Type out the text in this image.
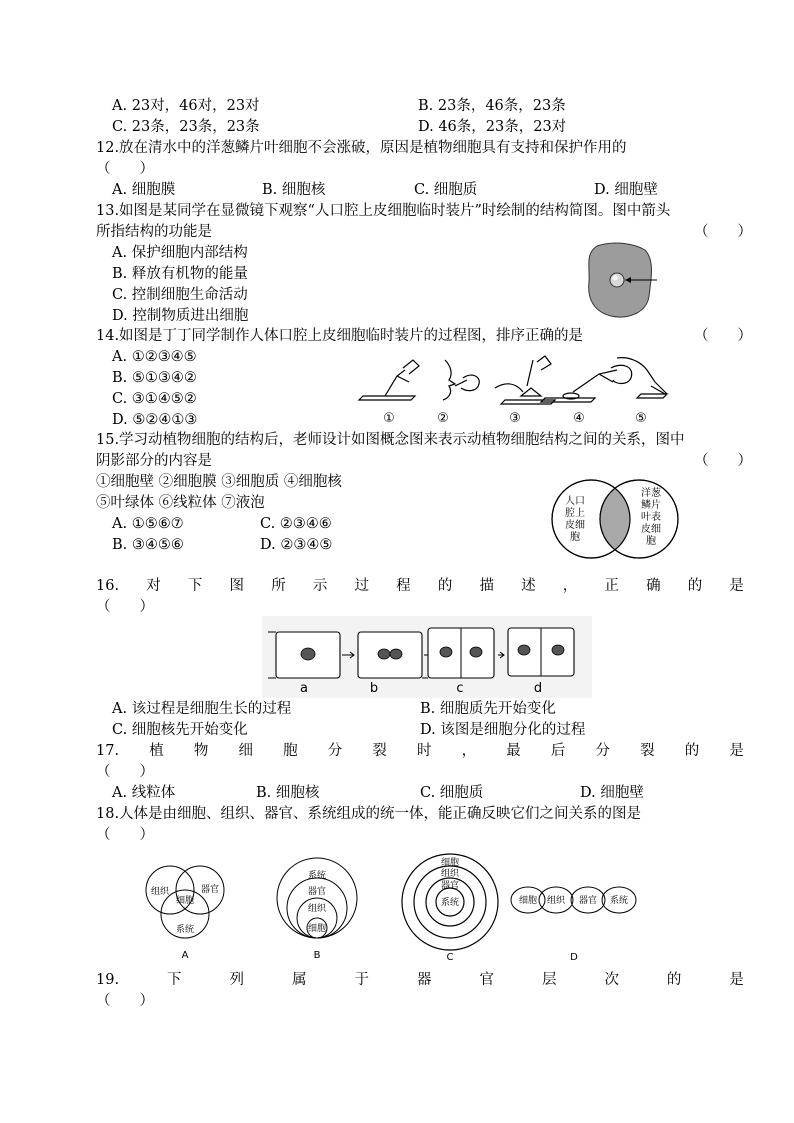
A. 23对，46对，23对	B. 23条，46条，23条
C. 23条，23条，23条	D. 46条，23条，23对
12.放在清水中的洋葱鳞片叶细胞不会涨破，原因是植物细胞具有支持和保护作用的
（　　）
A. 细胞膜	B. 细胞核	C. 细胞质	D. 细胞壁
13.如图是某同学在显微镜下观察“人口腔上皮细胞临时装片”时绘制的结构简图。图中箭头
所指结构的功能是	（　　）
A. 保护细胞内部结构
B. 释放有机物的能量
C. 控制细胞生命活动
D. 控制物质进出细胞
14.如图是丁丁同学制作人体口腔上皮细胞临时装片的过程图，排序正确的是	（　　）
A. ①②③④⑤
B. ⑤①③④②
C. ③①④⑤②
D. ⑤②④①③	①	②	③	④	⑤
15.学习动植物细胞的结构后，老师设计如图概念图来表示动植物细胞结构之间的关系，图中
阴影部分的内容是	（　　）
①细胞壁 ②细胞膜 ③细胞质 ④细胞核
⑤叶绿体 ⑥线粒体 ⑦液泡
A. ①⑤⑥⑦	C. ②③④⑥
B. ③④⑤⑥	D. ②③④⑤
人口
腔上
皮细
胞
洋葱
鳞片
叶表
皮细
胞
16. 对 下 图 所 示 过 程 的 描 述 ， 正 确 的 是
（　　）
a	b	c	d
A. 该过程是细胞生长的过程	B. 细胞质先开始变化
C. 细胞核先开始变化	D. 该图是细胞分化的过程
17. 植 物 细 胞 分 裂 时 ， 最 后 分 裂 的 是
（　　）
A. 线粒体	B. 细胞核	C. 细胞质	D. 细胞壁
18.人体是由细胞、组织、器官、系统组成的统一体，能正确反映它们之间关系的图是
（　　）
组织	器官
细胞
系统
A
系统
器官
组织
细胞
B
细胞
组织
器官
系统
C
细胞 组织 器官 系统
D
19.	下	列	属	于	器	官	层	次	的	是
（　　）
